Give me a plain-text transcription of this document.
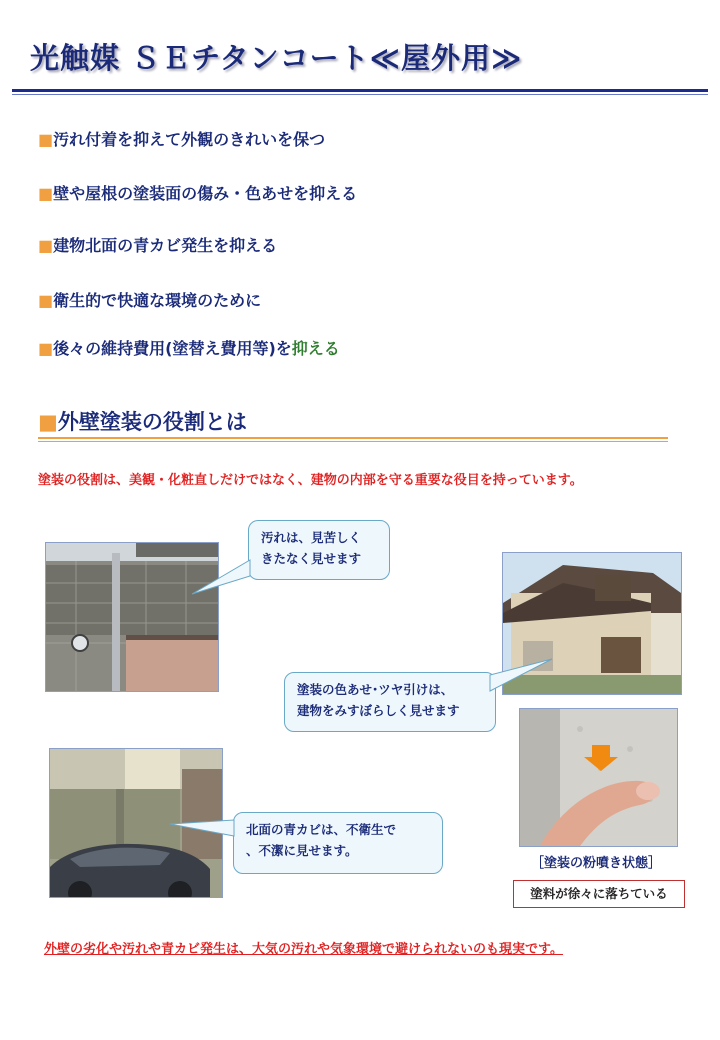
光触媒 ＳＥチタンコート≪屋外用≫
■汚れ付着を抑えて外観のきれいを保つ
■壁や屋根の塗装面の傷み・色あせを抑える
■建物北面の青カビ発生を抑える
■衛生的で快適な環境のために
■後々の維持費用(塗替え費用等)を抑える
■外壁塗装の役割とは
塗装の役割は、美観・化粧直しだけではなく、建物の内部を守る重要な役目を持っています。
汚れは、見苦しく
きたなく見せます
塗装の色あせ･ツヤ引けは、
建物をみすぼらしく見せます
［塗装の粉噴き状態］
塗料が徐々に落ちている
北面の青カビは、不衛生で
、不潔に見せます。
外壁の劣化や汚れや青カビ発生は、大気の汚れや気象環境で避けられないのも現実です。
